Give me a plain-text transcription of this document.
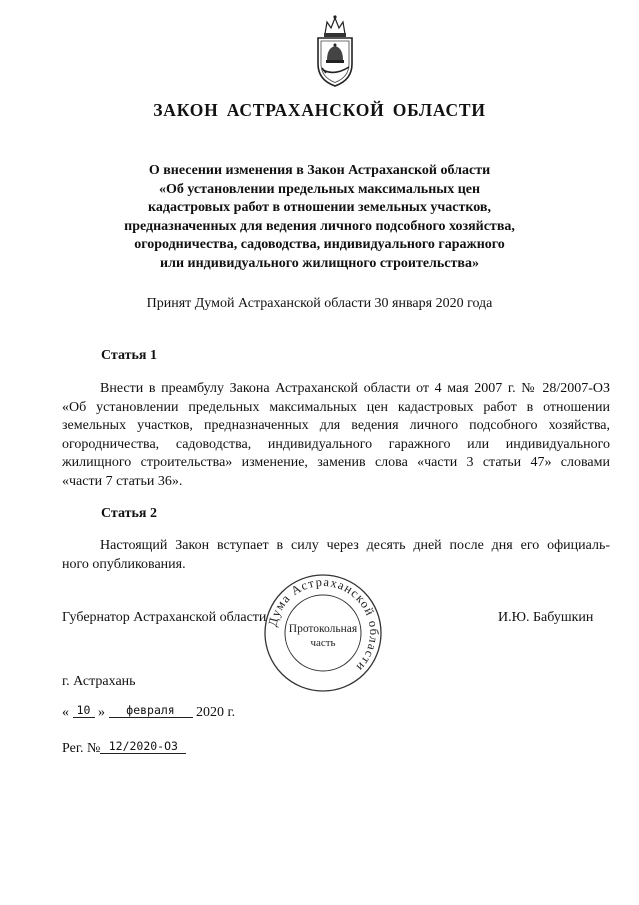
ЗАКОН АСТРАХАНСКОЙ ОБЛАСТИ
О внесении изменения в Закон Астраханской области
«Об установлении предельных максимальных цен
кадастровых работ в отношении земельных участков,
предназначенных для ведения личного подсобного хозяйства,
огородничества, садоводства, индивидуального гаражного
или индивидуального жилищного строительства»
Принят Думой Астраханской области 30 января 2020 года
Статья 1
Внести в преамбулу Закона Астраханской области от 4 мая 2007 г. № 28/2007-ОЗ
«Об установлении предельных максимальных цен кадастровых работ в отношении
земельных участков, предназначенных для ведения личного подсобного хозяйства,
огородничества, садоводства, индивидуального гаражного или индивидуального
жилищного строительства» изменение, заменив слова «части 3 статьи 47» словами
«части 7 статьи 36».
Статья 2
Настоящий Закон вступает в силу через десять дней после дня его официаль-
ного опубликования.
Губернатор Астраханской области	И.Ю. Бабушкин
Дума Астраханской области
Протокольная
часть
г. Астрахань
« 10 » февраля 2020 г.
Рег. № 12/2020-ОЗ
